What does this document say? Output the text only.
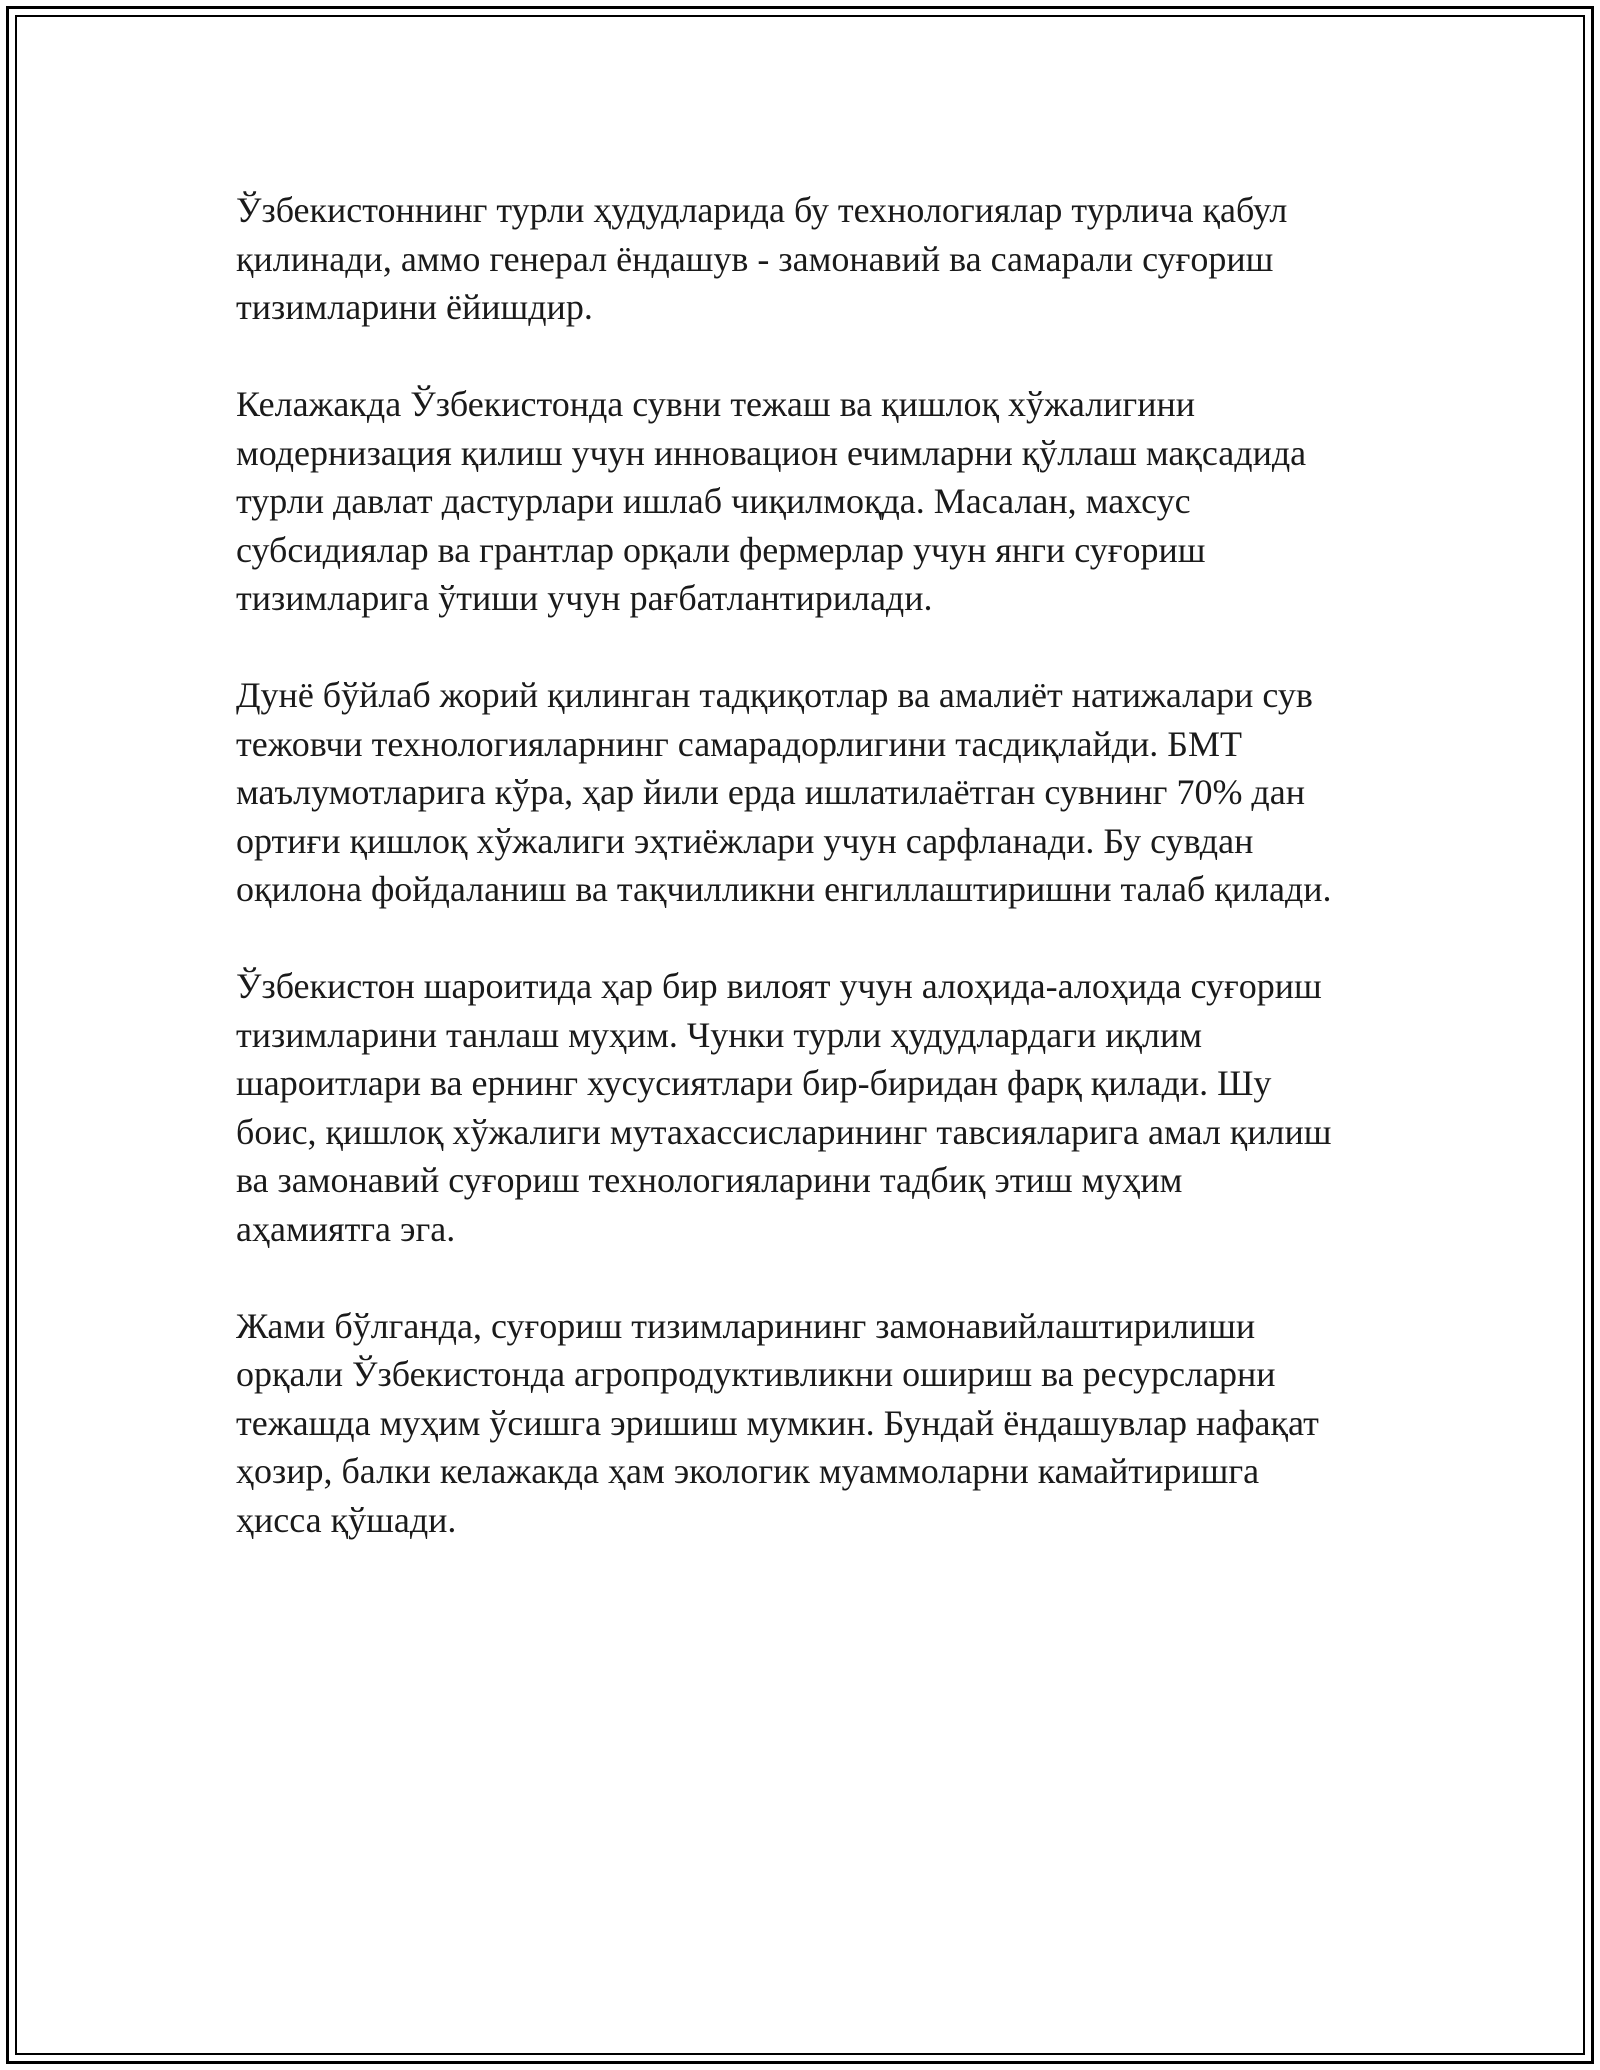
Ўзбекистоннинг турли ҳудудларида бу технологиялар турлича қабул
қилинади, аммо генерал ёндашув - замонавий ва самарали суғориш
тизимларини ёйишдир.

Келажакда Ўзбекистонда сувни тежаш ва қишлоқ хўжалигини
модернизация қилиш учун инновацион ечимларни қўллаш мақсадида
турли давлат дастурлари ишлаб чиқилмоқда. Масалан, махсус
субсидиялар ва грантлар орқали фермерлар учун янги суғориш
тизимларига ўтиши учун рағбатлантирилади.

Дунё бўйлаб жорий қилинган тадқиқотлар ва амалиёт натижалари сув
тежовчи технологияларнинг самарадорлигини тасдиқлайди. БМТ
маълумотларига кўра, ҳар йили ерда ишлатилаётган сувнинг 70% дан
ортиғи қишлоқ хўжалиги эҳтиёжлари учун сарфланади. Бу сувдан
оқилона фойдаланиш ва тақчилликни енгиллаштиришни талаб қилади.

Ўзбекистон шароитида ҳар бир вилоят учун алоҳида-алоҳида суғориш
тизимларини танлаш муҳим. Чунки турли ҳудудлардаги иқлим
шароитлари ва ернинг хусусиятлари бир-биридан фарқ қилади. Шу
боис, қишлоқ хўжалиги мутахассисларининг тавсияларига амал қилиш
ва замонавий суғориш технологияларини тадбиқ этиш муҳим
аҳамиятга эга.

Жами бўлганда, суғориш тизимларининг замонавийлаштирилиши
орқали Ўзбекистонда агропродуктивликни ошириш ва ресурсларни
тежашда муҳим ўсишга эришиш мумкин. Бундай ёндашувлар нафақат
ҳозир, балки келажакда ҳам экологик муаммоларни камайтиришга
ҳисса қўшади.
